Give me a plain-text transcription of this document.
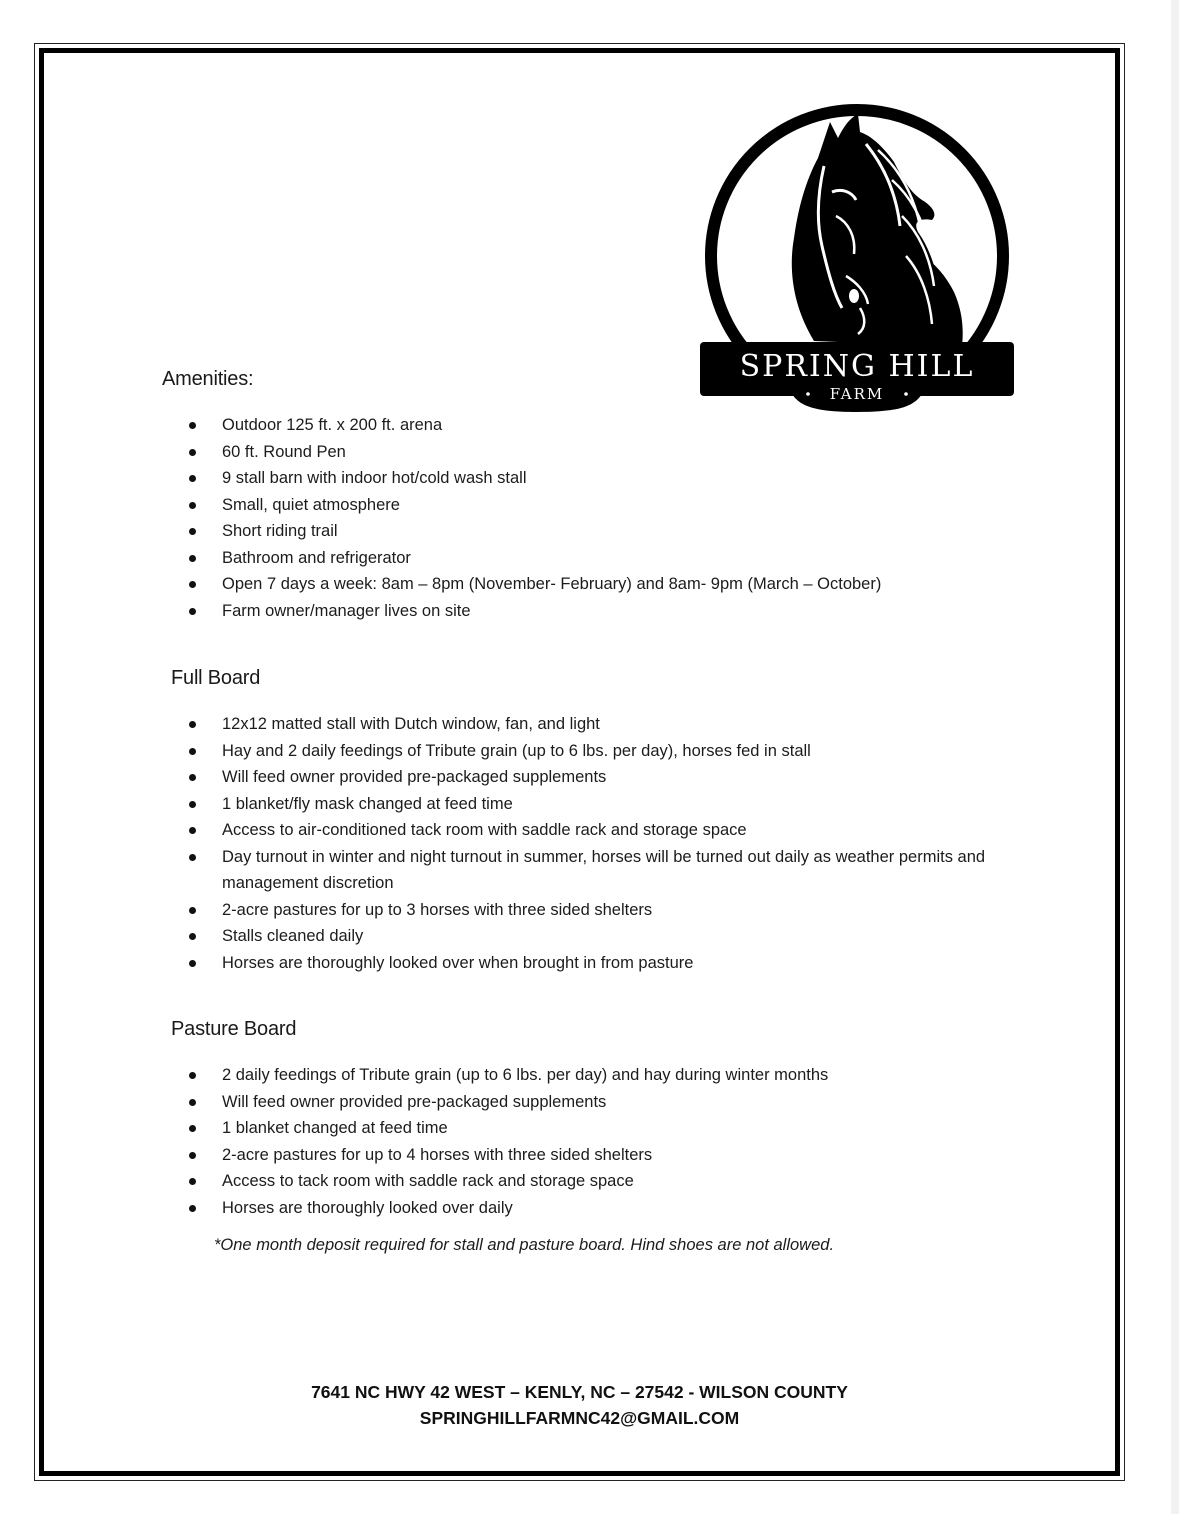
SPRING HILL
FARM
Amenities:
Outdoor 125 ft. x 200 ft. arena
60 ft. Round Pen
9 stall barn with indoor hot/cold wash stall
Small, quiet atmosphere
Short riding trail
Bathroom and refrigerator
Open 7 days a week: 8am – 8pm (November- February) and 8am- 9pm (March – October)
Farm owner/manager lives on site
Full Board
12x12 matted stall with Dutch window, fan, and light
Hay and 2 daily feedings of Tribute grain (up to 6 lbs. per day), horses fed in stall
Will feed owner provided pre-packaged supplements
1 blanket/fly mask changed at feed time
Access to air-conditioned tack room with saddle rack and storage space
Day turnout in winter and night turnout in summer, horses will be turned out daily as weather permits and management discretion
2-acre pastures for up to 3 horses with three sided shelters
Stalls cleaned daily
Horses are thoroughly looked over when brought in from pasture
Pasture Board
2 daily feedings of Tribute grain (up to 6 lbs. per day) and hay during winter months
Will feed owner provided pre-packaged supplements
1 blanket changed at feed time
2-acre pastures for up to 4 horses with three sided shelters
Access to tack room with saddle rack and storage space
Horses are thoroughly looked over daily
*One month deposit required for stall and pasture board. Hind shoes are not allowed.
7641 NC HWY 42 WEST – KENLY, NC – 27542 - WILSON COUNTY
SPRINGHILLFARMNC42@GMAIL.COM
